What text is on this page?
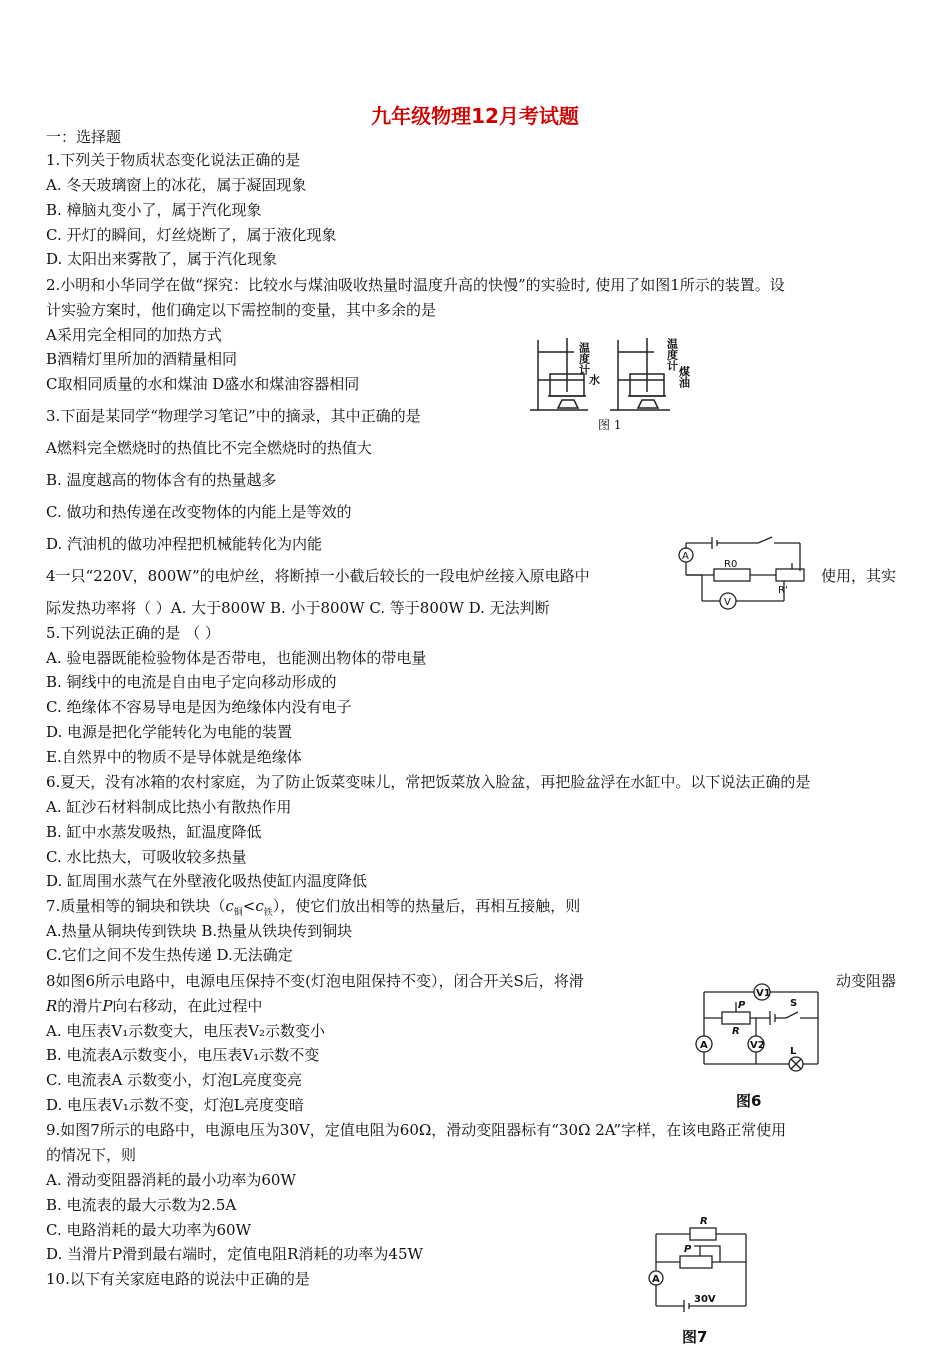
九年级物理12月考试题
一：选择题
1.下列关于物质状态变化说法正确的是
A. 冬天玻璃窗上的冰花，属于凝固现象
B. 樟脑丸变小了，属于汽化现象
C. 开灯的瞬间，灯丝烧断了，属于液化现象
D. 太阳出来雾散了，属于汽化现象
2.小明和小华同学在做“探究：比较水与煤油吸收热量时温度升高的快慢”的实验时, 使用了如图1所示的装置。设
计实验方案时，他们确定以下需控制的变量，其中多余的是
A采用完全相同的加热方式
B酒精灯里所加的酒精量相同
C取相同质量的水和煤油 D盛水和煤油容器相同
温度计
水
温度计
煤油
图 1
3.下面是某同学“物理学习笔记”中的摘录，其中正确的是
A燃料完全燃烧时的热值比不完全燃烧时的热值大
B. 温度越高的物体含有的热量越多
C. 做功和热传递在改变物体的内能上是等效的
D. 汽油机的做功冲程把机械能转化为内能
4一只“220V，800W”的电炉丝，将断掉一小截后较长的一段电炉丝接入原电路中	使用，其实
际发热功率将（ ）A. 大于800W B. 小于800W C. 等于800W D. 无法判断
A
R0
R'
V
5.下列说法正确的是 （ ）
A. 验电器既能检验物体是否带电，也能测出物体的带电量
B. 铜线中的电流是自由电子定向移动形成的
C. 绝缘体不容易导电是因为绝缘体内没有电子
D. 电源是把化学能转化为电能的装置
E.自然界中的物质不是导体就是绝缘体
6.夏天，没有冰箱的农村家庭，为了防止饭菜变味儿，常把饭菜放入脸盆，再把脸盆浮在水缸中。以下说法正确的是
A. 缸沙石材料制成比热小有散热作用
B. 缸中水蒸发吸热，缸温度降低
C. 水比热大，可吸收较多热量
D. 缸周围水蒸气在外壁液化吸热使缸内温度降低
7.质量相等的铜块和铁块$(c_铜<c_铁)$，使它们放出相等的热量后，再相互接触，则
A.热量从铜块传到铁块 B.热量从铁块传到铜块
C.它们之间不发生热传递 D.无法确定
8如图6所示电路中，电源电压保持不变(灯泡电阻保持不变），闭合开关S后，将滑	动变阻器
R的滑片P向右移动，在此过程中
A. 电压表V₁示数变大，电压表V₂示数变小
B. 电流表A示数变小，电压表V₁示数不变
C. 电流表A 示数变小，灯泡L亮度变亮
D. 电压表V₁示数不变，灯泡L亮度变暗
V1
P
R
S
A	V2
L
图6
9.如图7所示的电路中，电源电压为30V，定值电阻为60Ω，滑动变阻器标有“30Ω 2A”字样，在该电路正常使用
的情况下，则
A. 滑动变阻器消耗的最小功率为60W
B. 电流表的最大示数为2.5A
C. 电路消耗的最大功率为60W
D. 当滑片P滑到最右端时，定值电阻R消耗的功率为45W
R
P
A
30V
图7
10.以下有关家庭电路的说法中正确的是
